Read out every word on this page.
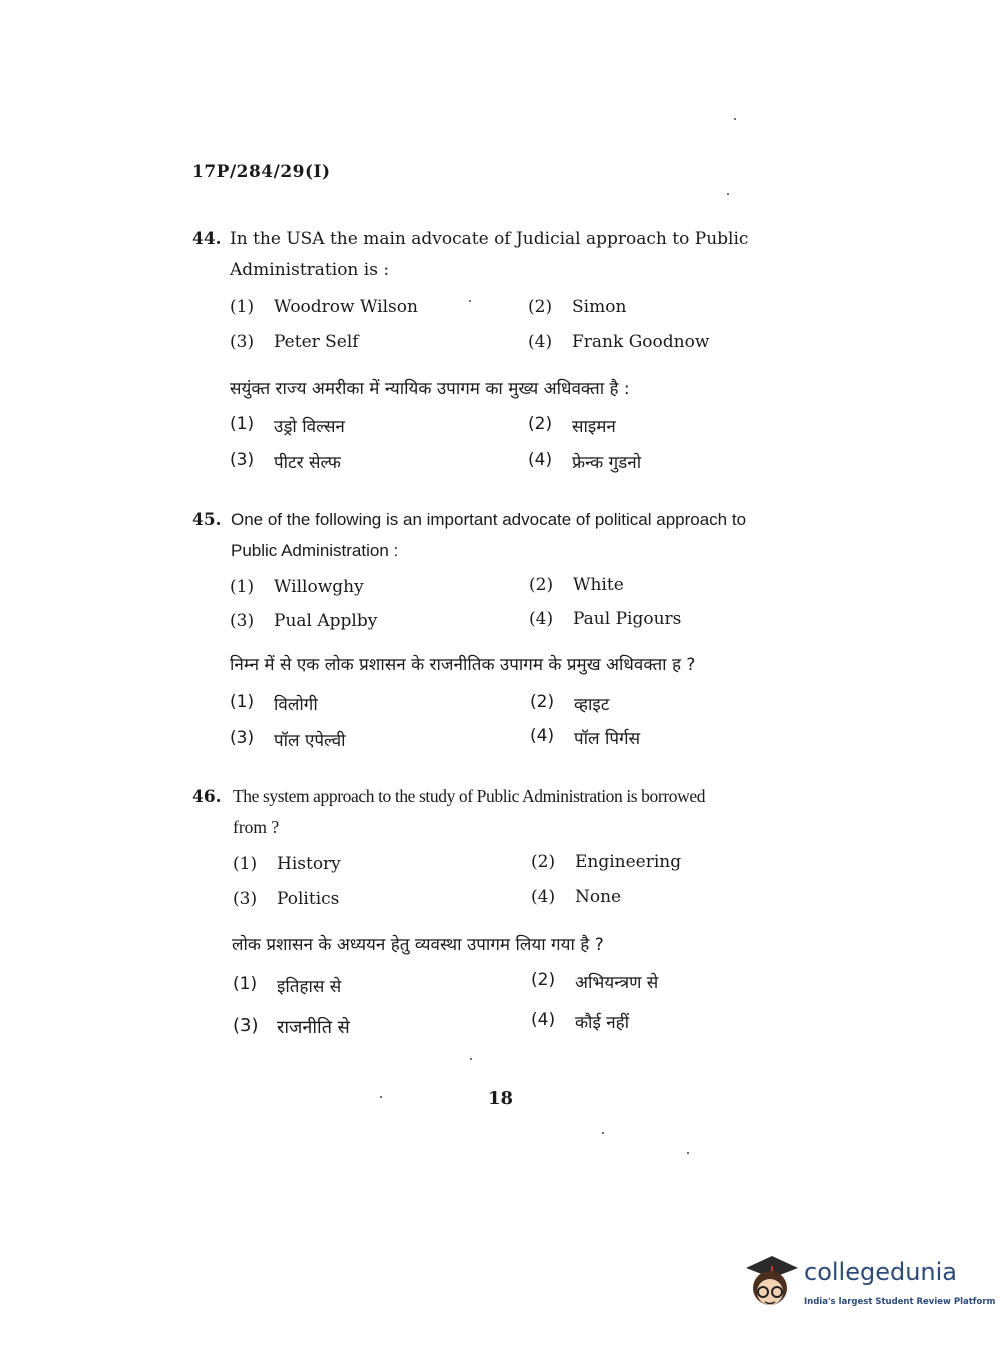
17P/284/29(I)
44. In the USA the main advocate of Judicial approach to Public
Administration is :
(1) Woodrow Wilson	(2) Simon
(3) Peter Self	(4) Frank Goodnow
सयुंक्त राज्य अमरीका में न्यायिक उपागम का मुख्य अधिवक्ता है :
(1) उड्रो विल्सन	(2) साइमन
(3) पीटर सेल्फ	(4) फ्रेन्क गुडनो
45. One of the following is an important advocate of political approach to
Public Administration :
(1) Willowghy	(2) White
(3) Pual Applby	(4) Paul Pigours
निम्न में से एक लोक प्रशासन के राजनीतिक उपागम के प्रमुख अधिवक्ता ह ?
(1) विलोगी	(2) व्हाइट
(3) पॉल एपेल्वी	(4) पॉल पिर्गस
46. The system approach to the study of Public Administration is borrowed
from ?
(1) History	(2) Engineering
(3) Politics	(4) None
लोक प्रशासन के अध्ययन हेतु व्यवस्था उपागम लिया गया है ?
(1) इतिहास से	(2) अभियन्त्रण से
(3) राजनीति से	(4) कौई नहीं
18
collegedunia
India's largest Student Review Platform
